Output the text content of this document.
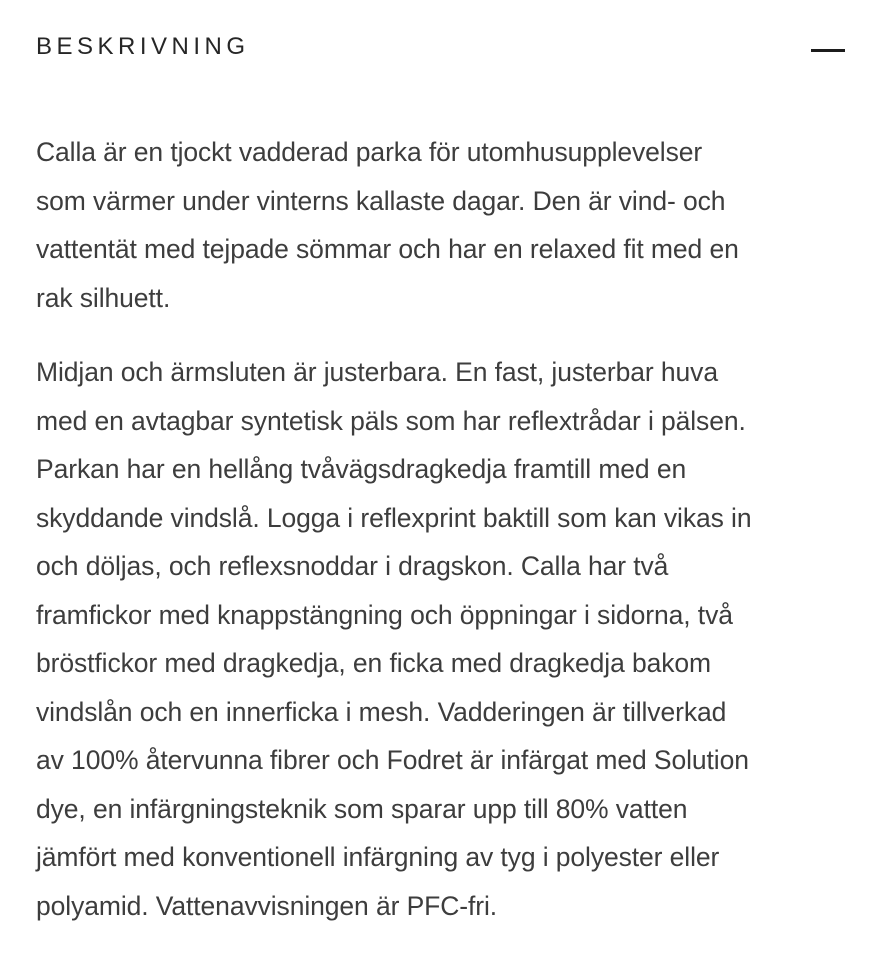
BESKRIVNING
Calla är en tjockt vadderad parka för utomhusupplevelser
som värmer under vinterns kallaste dagar. Den är vind- och
vattentät med tejpade sömmar och har en relaxed fit med en
rak silhuett.
Midjan och ärmsluten är justerbara. En fast, justerbar huva
med en avtagbar syntetisk päls som har reflextrådar i pälsen.
Parkan har en hellång tvåvägsdragkedja framtill med en
skyddande vindslå. Logga i reflexprint baktill som kan vikas in
och döljas, och reflexsnoddar i dragskon. Calla har två
framfickor med knappstängning och öppningar i sidorna, två
bröstfickor med dragkedja, en ficka med dragkedja bakom
vindslån och en innerficka i mesh. Vadderingen är tillverkad
av 100% återvunna fibrer och Fodret är infärgat med Solution
dye, en infärgningsteknik som sparar upp till 80% vatten
jämfört med konventionell infärgning av tyg i polyester eller
polyamid. Vattenavvisningen är PFC-fri.
